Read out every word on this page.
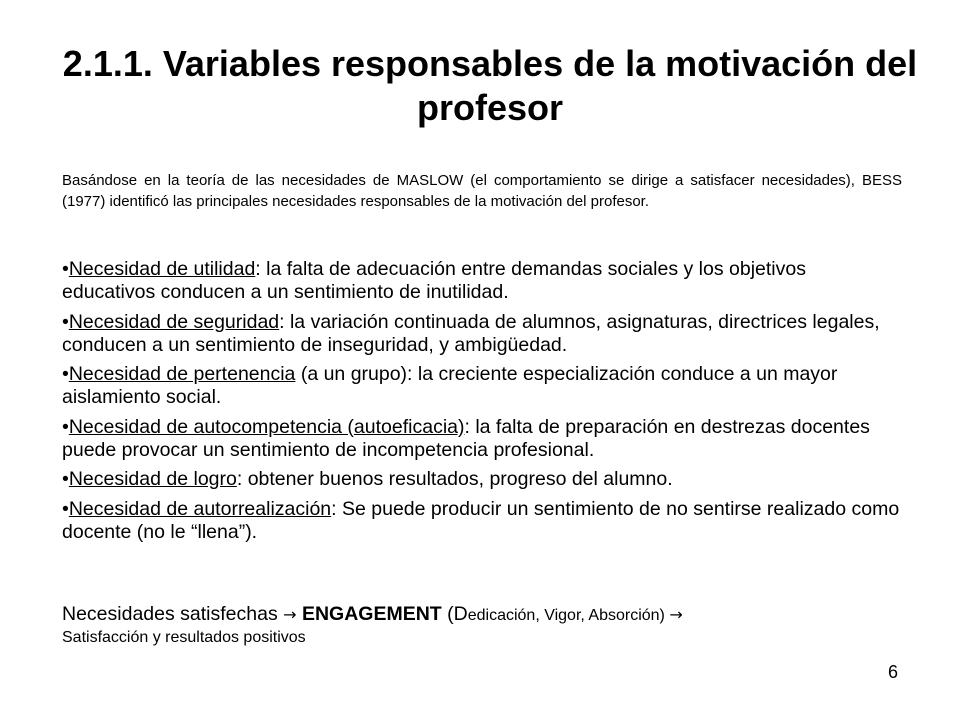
2.1.1. Variables responsables de la motivación del profesor

Basándose en la teoría de las necesidades de MASLOW (el comportamiento se dirige a satisfacer necesidades), BESS (1977) identificó las principales necesidades responsables de la motivación del profesor.

•Necesidad de utilidad: la falta de adecuación entre demandas sociales y los objetivos educativos conducen a un sentimiento de inutilidad.
•Necesidad de seguridad: la variación continuada de alumnos, asignaturas, directrices legales, conducen a un sentimiento de inseguridad, y ambigüedad.
•Necesidad de pertenencia (a un grupo): la creciente especialización conduce a un mayor aislamiento social.
•Necesidad de autocompetencia (autoeficacia): la falta de preparación en destrezas docentes puede provocar un sentimiento de incompetencia profesional.
•Necesidad de logro: obtener buenos resultados, progreso del alumno.
•Necesidad de autorrealización: Se puede producir un sentimiento de no sentirse realizado como docente (no le “llena”).

Necesidades satisfechas → ENGAGEMENT (Dedicación, Vigor, Absorción) →
Satisfacción y resultados positivos

6
